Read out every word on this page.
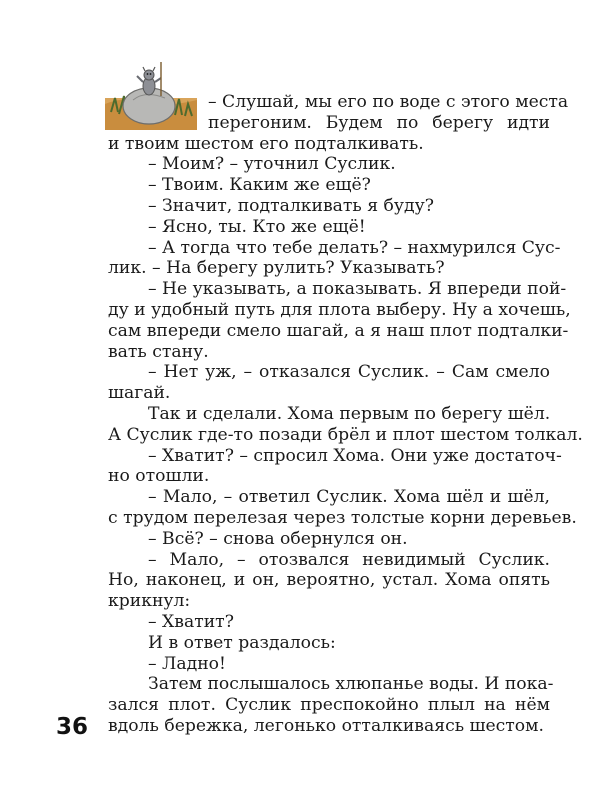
– Слушай, мы его по воде с этого места
перегоним. Будем по берегу идти
и твоим шестом его подталкивать.
– Моим? – уточнил Суслик.
– Твоим. Каким же ещё?
– Значит, подталкивать я буду?
– Ясно, ты. Кто же ещё!
– А тогда что тебе делать? – нахмурился Сус-
лик. – На берегу рулить? Указывать?
– Не указывать, а показывать. Я впереди пой-
ду и удобный путь для плота выберу. Ну а хочешь,
сам впереди смело шагай, а я наш плот подталки-
вать стану.
– Нет уж, – отказался Суслик. – Сам смело
шагай.
Так и сделали. Хома первым по берегу шёл.
А Суслик где-то позади брёл и плот шестом толкал.
– Хватит? – спросил Хома. Они уже достаточ-
но отошли.
– Мало, – ответил Суслик. Хома шёл и шёл,
с трудом перелезая через толстые корни деревьев.
– Всё? – снова обернулся он.
– Мало, – отозвался невидимый Суслик.
Но, наконец, и он, вероятно, устал. Хома опять
крикнул:
– Хватит?
И в ответ раздалось:
– Ладно!
Затем послышалось хлюпанье воды. И пока-
зался плот. Суслик преспокойно плыл на нём
вдоль бережка, легонько отталкиваясь шестом.
36
